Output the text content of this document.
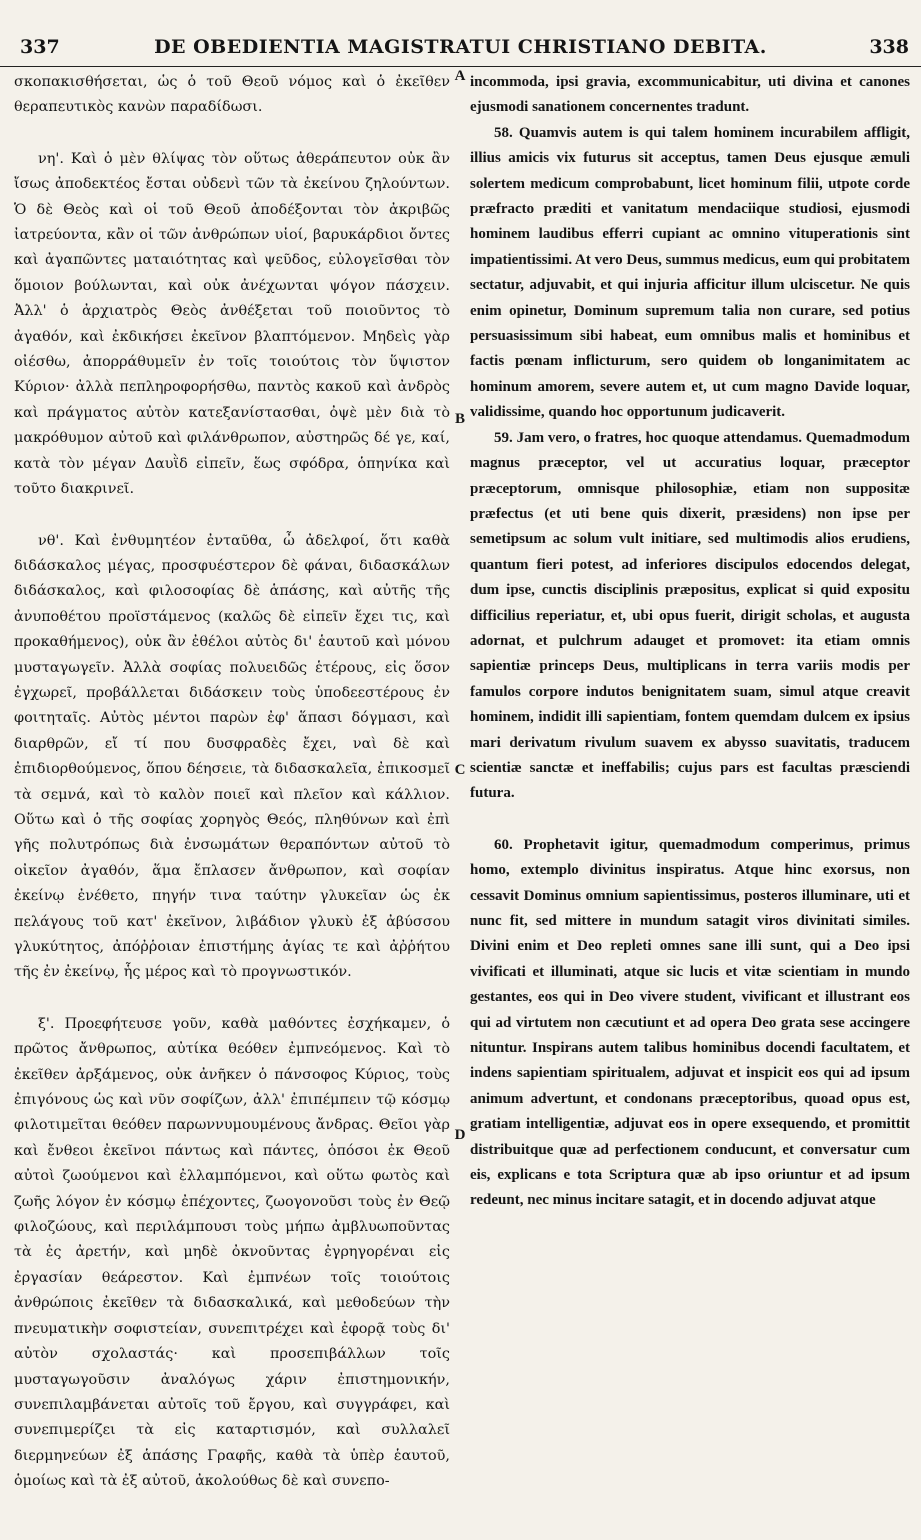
337	DE OBEDIENTIA MAGISTRATUI CHRISTIANO DEBITA.	338

σκοπακισθήσεται, ὡς ὁ τοῦ Θεοῦ νόμος καὶ ὁ ἐκεῖθεν θεραπευτικὸς κανὼν παραδίδωσι.

νη'. Καὶ ὁ μὲν θλίψας τὸν οὕτως ἀθεράπευτον οὐκ ἂν ἴσως ἀποδεκτέος ἔσται οὐδενὶ τῶν τὰ ἐκείνου ζηλούντων. Ὁ δὲ Θεὸς καὶ οἱ τοῦ Θεοῦ ἀποδέξονται τὸν ἀκριβῶς ἰατρεύοντα, κἂν οἱ τῶν ἀνθρώπων υἱοί, βαρυκάρδιοι ὄντες καὶ ἀγαπῶντες ματαιότητας καὶ ψεῦδος, εὐλογεῖσθαι τὸν ὅμοιον βούλωνται, καὶ οὐκ ἀνέχωνται ψόγον πάσχειν. Ἀλλ' ὁ ἀρχιατρὸς Θεὸς ἀνθέξεται τοῦ ποιοῦντος τὸ ἀγαθόν, καὶ ἐκδικήσει ἐκεῖνον βλαπτόμενον. Μηδεὶς γὰρ οἰέσθω, ἀπορράθυμεῖν ἐν τοῖς τοιούτοις τὸν ὕψιστον Κύριον· ἀλλὰ πεπληροφορήσθω, παντὸς κακοῦ καὶ ἀνδρὸς καὶ πράγματος αὐτὸν κατεξανίστασθαι, ὀψὲ μὲν διὰ τὸ μακρόθυμον αὐτοῦ καὶ φιλάνθρωπον, αὐστηρῶς δέ γε, καί, κατὰ τὸν μέγαν Δαυῒδ εἰπεῖν, ἕως σφόδρα, ὁπηνίκα καὶ τοῦτο διακρινεῖ.

νθ'. Καὶ ἐνθυμητέον ἐνταῦθα, ὦ ἀδελφοί, ὅτι καθὰ διδάσκαλος μέγας, προσφυέστερον δὲ φάναι, διδασκάλων διδάσκαλος, καὶ φιλοσοφίας δὲ ἁπάσης, καὶ αὐτῆς τῆς ἀνυποθέτου προϊστάμενος (καλῶς δὲ εἰπεῖν ἔχει τις, καὶ προκαθήμενος), οὐκ ἂν ἐθέλοι αὐτὸς δι' ἑαυτοῦ καὶ μόνου μυσταγωγεῖν. Ἀλλὰ σοφίας πολυειδῶς ἑτέρους, εἰς ὅσον ἐγχωρεῖ, προβάλλεται διδάσκειν τοὺς ὑποδεεστέρους ἐν φοιτηταῖς. Αὐτὸς μέντοι παρὼν ἐφ' ἅπασι δόγμασι, καὶ διαρθρῶν, εἴ τί που δυσφραδὲς ἔχει, ναὶ δὲ καὶ ἐπιδιορθούμενος, ὅπου δέησειε, τὰ διδασκαλεῖα, ἐπικοσμεῖ τὰ σεμνά, καὶ τὸ καλὸν ποιεῖ καὶ πλεῖον καὶ κάλλιον. Οὕτω καὶ ὁ τῆς σοφίας χορηγὸς Θεός, πληθύνων καὶ ἐπὶ γῆς πολυτρόπως διὰ ἐνσωμάτων θεραπόντων αὐτοῦ τὸ οἰκεῖον ἀγαθόν, ἅμα ἔπλασεν ἄνθρωπον, καὶ σοφίαν ἐκείνῳ ἐνέθετο, πηγήν τινα ταύτην γλυκεῖαν ὡς ἐκ πελάγους τοῦ κατ' ἐκεῖνον, λιβάδιον γλυκὺ ἐξ ἀβύσσου γλυκύτητος, ἀπόῤῥοιαν ἐπιστήμης ἁγίας τε καὶ ἀῤῥήτου τῆς ἐν ἐκείνῳ, ἧς μέρος καὶ τὸ προγνωστικόν.

ξ'. Προεφήτευσε γοῦν, καθὰ μαθόντες ἐσχήκαμεν, ὁ πρῶτος ἄνθρωπος, αὐτίκα θεόθεν ἐμπνεόμενος. Καὶ τὸ ἐκεῖθεν ἀρξάμενος, οὐκ ἀνῆκεν ὁ πάνσοφος Κύριος, τοὺς ἐπιγόνους ὡς καὶ νῦν σοφίζων, ἀλλ' ἐπιπέμπειν τῷ κόσμῳ φιλοτιμεῖται θεόθεν παρωννυμουμένους ἄνδρας. Θεῖοι γὰρ καὶ ἔνθεοι ἐκεῖνοι πάντως καὶ πάντες, ὁπόσοι ἐκ Θεοῦ αὐτοὶ ζωούμενοι καὶ ἐλλαμπόμενοι, καὶ οὕτω φωτὸς καὶ ζωῆς λόγον ἐν κόσμῳ ἐπέχοντες, ζωογονοῦσι τοὺς ἐν Θεῷ φιλοζώους, καὶ περιλάμπουσι τοὺς μήπω ἀμβλυωποῦντας τὰ ἐς ἀρετήν, καὶ μηδὲ ὀκνοῦντας ἐγρηγορέναι εἰς ἐργασίαν θεάρεστον. Καὶ ἐμπνέων τοῖς τοιούτοις ἀνθρώποις ἐκεῖθεν τὰ διδασκαλικά, καὶ μεθοδεύων τὴν πνευματικὴν σοφιστείαν, συνεπιτρέχει καὶ ἐφορᾷ τοὺς δι' αὐτὸν σχολαστάς· καὶ προσεπιβάλλων τοῖς μυσταγωγοῦσιν ἀναλόγως χάριν ἐπιστημονικήν, συνεπιλαμβάνεται αὐτοῖς τοῦ ἔργου, καὶ συγγράφει, καὶ συνεπιμερίζει τὰ εἰς καταρτισμόν, καὶ συλλαλεῖ διερμηνεύων ἐξ ἁπάσης Γραφῆς, καθὰ τὰ ὑπὲρ ἑαυτοῦ, ὁμοίως καὶ τὰ ἐξ αὐτοῦ, ἀκολούθως δὲ καὶ συνεπο-

A
B
C
D

incommoda, ipsi gravia, excommunicabitur, uti divina et canones ejusmodi sanationem concernentes tradunt.

58. Quamvis autem is qui talem hominem incurabilem affligit, illius amicis vix futurus sit acceptus, tamen Deus ejusque æmuli solertem medicum comprobabunt, licet hominum filii, utpote corde præfracto præditi et vanitatum mendaciique studiosi, ejusmodi hominem laudibus efferri cupiant ac omnino vituperationis sint impatientissimi. At vero Deus, summus medicus, eum qui probitatem sectatur, adjuvabit, et qui injuria afficitur illum ulciscetur. Ne quis enim opinetur, Dominum supremum talia non curare, sed potius persuasissimum sibi habeat, eum omnibus malis et hominibus et factis pœnam inflicturum, sero quidem ob longanimitatem ac hominum amorem, severe autem et, ut cum magno Davide loquar, validissime, quando hoc opportunum judicaverit.

59. Jam vero, o fratres, hoc quoque attendamus. Quemadmodum magnus præceptor, vel ut accuratius loquar, præceptor præceptorum, omnisque philosophiæ, etiam non suppositæ præfectus (et uti bene quis dixerit, præsidens) non ipse per semetipsum ac solum vult initiare, sed multimodis alios erudiens, quantum fieri potest, ad inferiores discipulos edocendos delegat, dum ipse, cunctis disciplinis præpositus, explicat si quid expositu difficilius reperiatur, et, ubi opus fuerit, dirigit scholas, et augusta adornat, et pulchrum adauget et promovet: ita etiam omnis sapientiæ princeps Deus, multiplicans in terra variis modis per famulos corpore indutos benignitatem suam, simul atque creavit hominem, indidit illi sapientiam, fontem quemdam dulcem ex ipsius mari derivatum rivulum suavem ex abysso suavitatis, traducem scientiæ sanctæ et ineffabilis; cujus pars est facultas præsciendi futura.

60. Prophetavit igitur, quemadmodum comperimus, primus homo, extemplo divinitus inspiratus. Atque hinc exorsus, non cessavit Dominus omnium sapientissimus, posteros illuminare, uti et nunc fit, sed mittere in mundum satagit viros divinitati similes. Divini enim et Deo repleti omnes sane illi sunt, qui a Deo ipsi vivificati et illuminati, atque sic lucis et vitæ scientiam in mundo gestantes, eos qui in Deo vivere student, vivificant et illustrant eos qui ad virtutem non cæcutiunt et ad opera Deo grata sese accingere nituntur. Inspirans autem talibus hominibus docendi facultatem, et indens sapientiam spiritualem, adjuvat et inspicit eos qui ad ipsum animum advertunt, et condonans præceptoribus, quoad opus est, gratiam intelligentiæ, adjuvat eos in opere exsequendo, et promittit distribuitque quæ ad perfectionem conducunt, et conversatur cum eis, explicans e tota Scriptura quæ ab ipso oriuntur et ad ipsum redeunt, nec minus incitare satagit, et in docendo adjuvat atque
